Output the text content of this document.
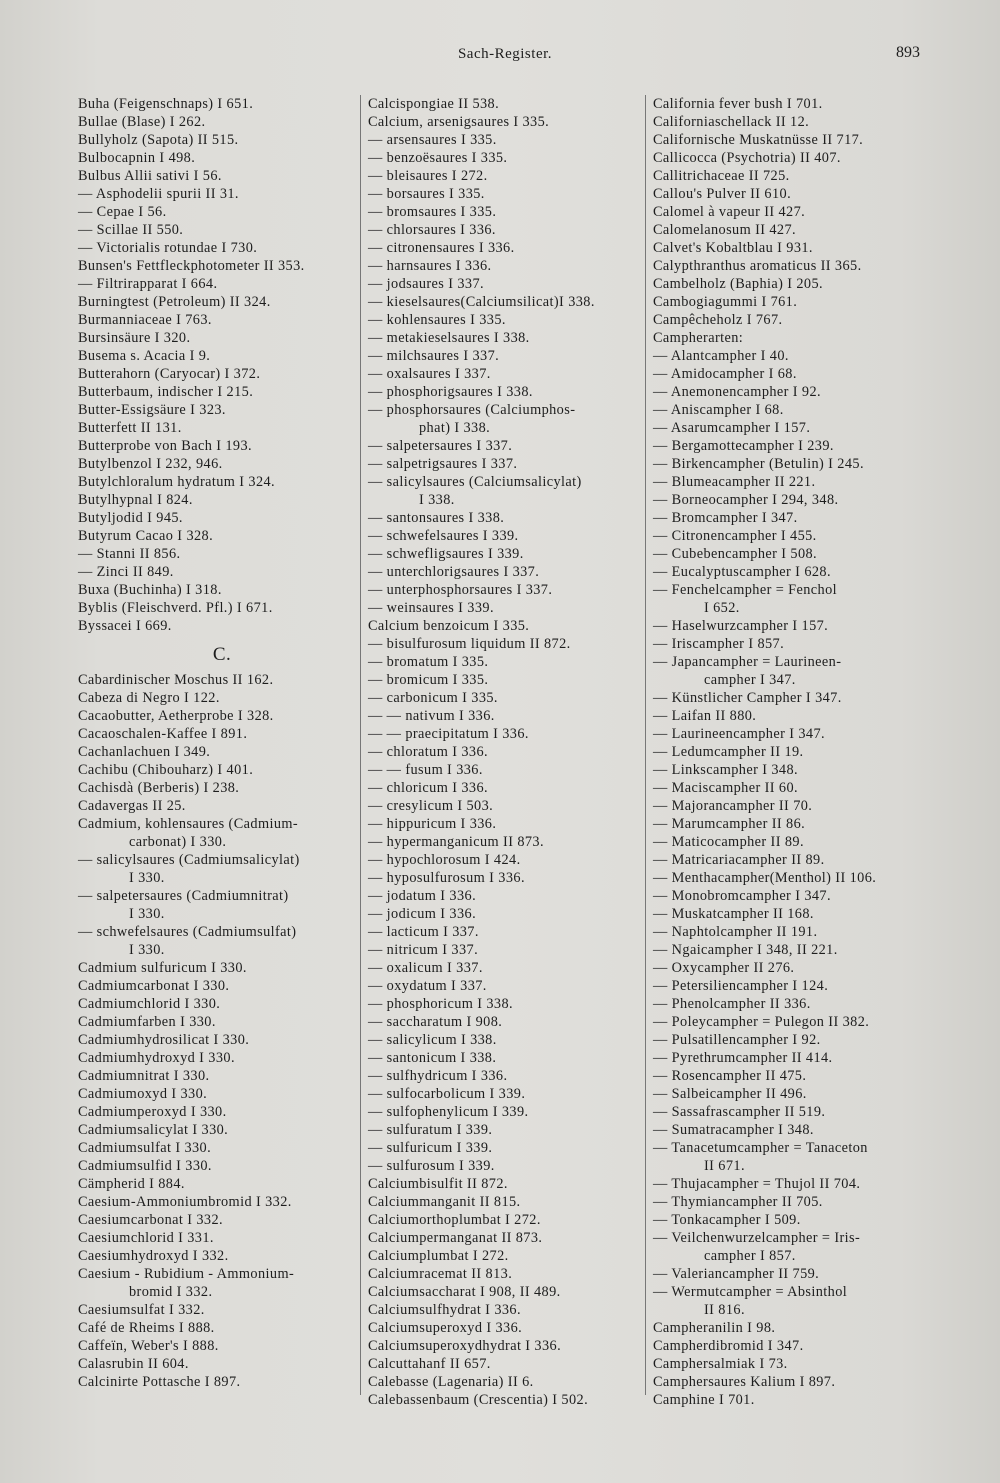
Sach-Register.	893
Buha (Feigenschnaps) I 651.
Bullae (Blase) I 262.
Bullyholz (Sapota) II 515.
Bulbocapnin I 498.
Bulbus Allii sativi I 56.
— Asphodelii spurii II 31.
— Cepae I 56.
— Scillae II 550.
— Victorialis rotundae I 730.
Bunsen's Fettfleckphotometer II 353.
— Filtrirapparat I 664.
Burningtest (Petroleum) II 324.
Burmanniaceae I 763.
Bursinsäure I 320.
Busema s. Acacia I 9.
Butterahorn (Caryocar) I 372.
Butterbaum, indischer I 215.
Butter-Essigsäure I 323.
Butterfett II 131.
Butterprobe von Bach I 193.
Butylbenzol I 232, 946.
Butylchloralum hydratum I 324.
Butylhypnal I 824.
Butyljodid I 945.
Butyrum Cacao I 328.
— Stanni II 856.
— Zinci II 849.
Buxa (Buchinha) I 318.
Byblis (Fleischverd. Pfl.) I 671.
Byssacei I 669.
C.
Cabardinischer Moschus II 162.
Cabeza di Negro I 122.
Cacaobutter, Aetherprobe I 328.
Cacaoschalen-Kaffee I 891.
Cachanlachuen I 349.
Cachibu (Chibouharz) I 401.
Cachisdà (Berberis) I 238.
Cadavergas II 25.
Cadmium, kohlensaures (Cadmium-
carbonat) I 330.
— salicylsaures (Cadmiumsalicylat)
I 330.
— salpetersaures (Cadmiumnitrat)
I 330.
— schwefelsaures (Cadmiumsulfat)
I 330.
Cadmium sulfuricum I 330.
Cadmiumcarbonat I 330.
Cadmiumchlorid I 330.
Cadmiumfarben I 330.
Cadmiumhydrosilicat I 330.
Cadmiumhydroxyd I 330.
Cadmiumnitrat I 330.
Cadmiumoxyd I 330.
Cadmiumperoxyd I 330.
Cadmiumsalicylat I 330.
Cadmiumsulfat I 330.
Cadmiumsulfid I 330.
Cämpherid I 884.
Caesium-Ammoniumbromid I 332.
Caesiumcarbonat I 332.
Caesiumchlorid I 331.
Caesiumhydroxyd I 332.
Caesium - Rubidium - Ammonium-
bromid I 332.
Caesiumsulfat I 332.
Café de Rheims I 888.
Caffeïn, Weber's I 888.
Calasrubin II 604.
Calcinirte Pottasche I 897.
Calcispongiae II 538.
Calcium, arsenigsaures I 335.
— arsensaures I 335.
— benzoësaures I 335.
— bleisaures I 272.
— borsaures I 335.
— bromsaures I 335.
— chlorsaures I 336.
— citronensaures I 336.
— harnsaures I 336.
— jodsaures I 337.
— kieselsaures(Calciumsilicat)I 338.
— kohlensaures I 335.
— metakieselsaures I 338.
— milchsaures I 337.
— oxalsaures I 337.
— phosphorigsaures I 338.
— phosphorsaures (Calciumphos-
phat) I 338.
— salpetersaures I 337.
— salpetrigsaures I 337.
— salicylsaures (Calciumsalicylat)
I 338.
— santonsaures I 338.
— schwefelsaures I 339.
— schwefligsaures I 339.
— unterchlorigsaures I 337.
— unterphosphorsaures I 337.
— weinsaures I 339.
Calcium benzoicum I 335.
— bisulfurosum liquidum II 872.
— bromatum I 335.
— bromicum I 335.
— carbonicum I 335.
— — nativum I 336.
— — praecipitatum I 336.
— chloratum I 336.
— — fusum I 336.
— chloricum I 336.
— cresylicum I 503.
— hippuricum I 336.
— hypermanganicum II 873.
— hypochlorosum I 424.
— hyposulfurosum I 336.
— jodatum I 336.
— jodicum I 336.
— lacticum I 337.
— nitricum I 337.
— oxalicum I 337.
— oxydatum I 337.
— phosphoricum I 338.
— saccharatum I 908.
— salicylicum I 338.
— santonicum I 338.
— sulfhydricum I 336.
— sulfocarbolicum I 339.
— sulfophenylicum I 339.
— sulfuratum I 339.
— sulfuricum I 339.
— sulfurosum I 339.
Calciumbisulfit II 872.
Calciummanganit II 815.
Calciumorthoplumbat I 272.
Calciumpermanganat II 873.
Calciumplumbat I 272.
Calciumracemat II 813.
Calciumsaccharat I 908, II 489.
Calciumsulfhydrat I 336.
Calciumsuperoxyd I 336.
Calciumsuperoxydhydrat I 336.
Calcuttahanf II 657.
Calebasse (Lagenaria) II 6.
Calebassenbaum (Crescentia) I 502.
California fever bush I 701.
Californiaschellack II 12.
Californische Muskatnüsse II 717.
Callicocca (Psychotria) II 407.
Callitrichaceae II 725.
Callou's Pulver II 610.
Calomel à vapeur II 427.
Calomelanosum II 427.
Calvet's Kobaltblau I 931.
Calypthranthus aromaticus II 365.
Cambelholz (Baphia) I 205.
Cambogiagummi I 761.
Campêcheholz I 767.
Campherarten:
— Alantcampher I 40.
— Amidocampher I 68.
— Anemonencampher I 92.
— Aniscampher I 68.
— Asarumcampher I 157.
— Bergamottecampher I 239.
— Birkencampher (Betulin) I 245.
— Blumeacampher II 221.
— Borneocampher I 294, 348.
— Bromcampher I 347.
— Citronencampher I 455.
— Cubebencampher I 508.
— Eucalyptuscampher I 628.
— Fenchelcampher = Fenchol
I 652.
— Haselwurzcampher I 157.
— Iriscampher I 857.
— Japancampher = Laurineen-
campher I 347.
— Künstlicher Campher I 347.
— Laifan II 880.
— Laurineencampher I 347.
— Ledumcampher II 19.
— Linkscampher I 348.
— Maciscampher II 60.
— Majorancampher II 70.
— Marumcampher II 86.
— Maticocampher II 89.
— Matricariacampher II 89.
— Menthacampher(Menthol) II 106.
— Monobromcampher I 347.
— Muskatcampher II 168.
— Naphtolcampher II 191.
— Ngaicampher I 348, II 221.
— Oxycampher II 276.
— Petersiliencampher I 124.
— Phenolcampher II 336.
— Poleycampher = Pulegon II 382.
— Pulsatillencampher I 92.
— Pyrethrumcampher II 414.
— Rosencampher II 475.
— Salbeicampher II 496.
— Sassafrascampher II 519.
— Sumatracampher I 348.
— Tanacetumcampher = Tanaceton
II 671.
— Thujacampher = Thujol II 704.
— Thymiancampher II 705.
— Tonkacampher I 509.
— Veilchenwurzelcampher = Iris-
campher I 857.
— Valeriancampher II 759.
— Wermutcampher = Absinthol
II 816.
Campheranilin I 98.
Campherdibromid I 347.
Camphersalmiak I 73.
Camphersaures Kalium I 897.
Camphine I 701.
